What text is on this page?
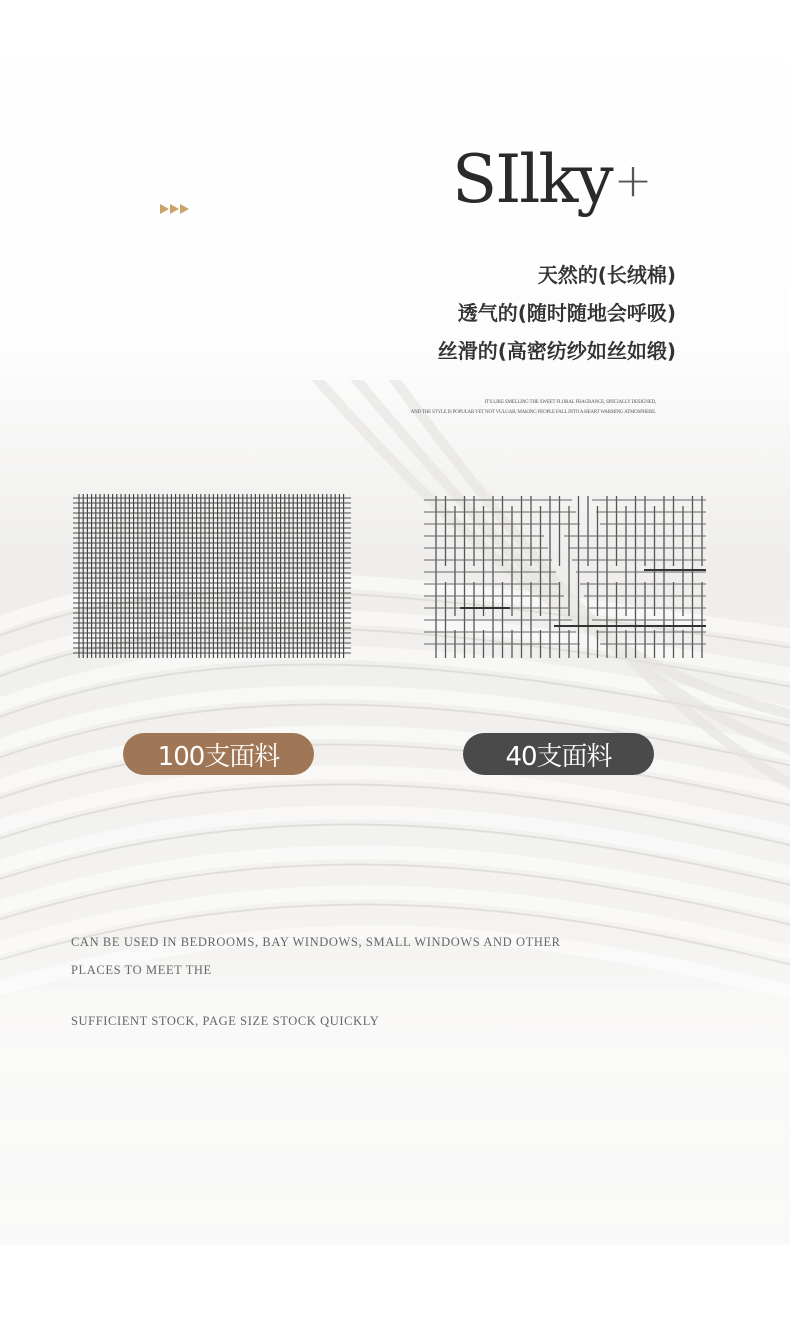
SIlky+
天然的(长绒棉)
透气的(随时随地会呼吸)
丝滑的(高密纺纱如丝如缎)
IT'S LIKE SMELLING THE SWEET FLORAL FRAGRANCE, SPECIALLY DESIGNED,
AND THE STYLE IS POPULAR YET NOT VULGAR, MAKING PEOPLE FALL INTO A HEART WARMING ATMOSPHERE.
100支面料	40支面料
CAN BE USED IN BEDROOMS, BAY WINDOWS, SMALL WINDOWS AND OTHER
PLACES TO MEET THE
SUFFICIENT STOCK, PAGE SIZE STOCK QUICKLY
